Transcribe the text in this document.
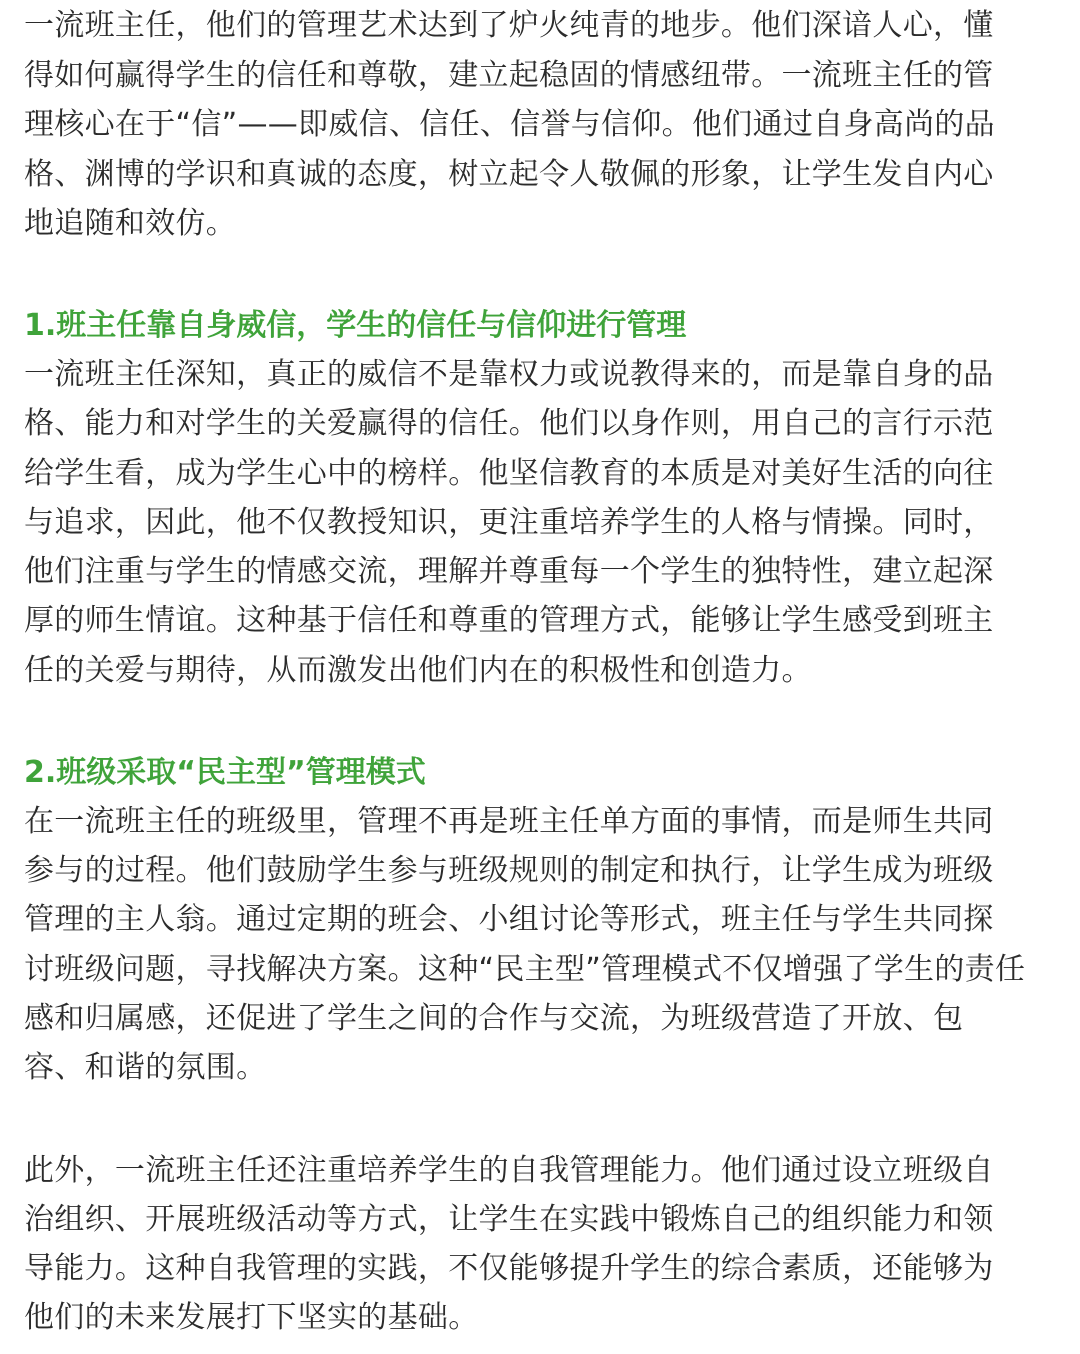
一流班主任，他们的管理艺术达到了炉火纯青的地步。他们深谙人心，懂
得如何赢得学生的信任和尊敬，建立起稳固的情感纽带。一流班主任的管
理核心在于“信”——即威信、信任、信誉与信仰。他们通过自身高尚的品
格、渊博的学识和真诚的态度，树立起令人敬佩的形象，让学生发自内心
地追随和效仿。
1.班主任靠自身威信，学生的信任与信仰进行管理
一流班主任深知，真正的威信不是靠权力或说教得来的，而是靠自身的品
格、能力和对学生的关爱赢得的信任。他们以身作则，用自己的言行示范
给学生看，成为学生心中的榜样。他坚信教育的本质是对美好生活的向往
与追求，因此，他不仅教授知识，更注重培养学生的人格与情操。同时，
他们注重与学生的情感交流，理解并尊重每一个学生的独特性，建立起深
厚的师生情谊。这种基于信任和尊重的管理方式，能够让学生感受到班主
任的关爱与期待，从而激发出他们内在的积极性和创造力。
2.班级采取“民主型”管理模式
在一流班主任的班级里，管理不再是班主任单方面的事情，而是师生共同
参与的过程。他们鼓励学生参与班级规则的制定和执行，让学生成为班级
管理的主人翁。通过定期的班会、小组讨论等形式，班主任与学生共同探
讨班级问题，寻找解决方案。这种“民主型”管理模式不仅增强了学生的责任
感和归属感，还促进了学生之间的合作与交流，为班级营造了开放、包
容、和谐的氛围。
此外，一流班主任还注重培养学生的自我管理能力。他们通过设立班级自
治组织、开展班级活动等方式，让学生在实践中锻炼自己的组织能力和领
导能力。这种自我管理的实践，不仅能够提升学生的综合素质，还能够为
他们的未来发展打下坚实的基础。
